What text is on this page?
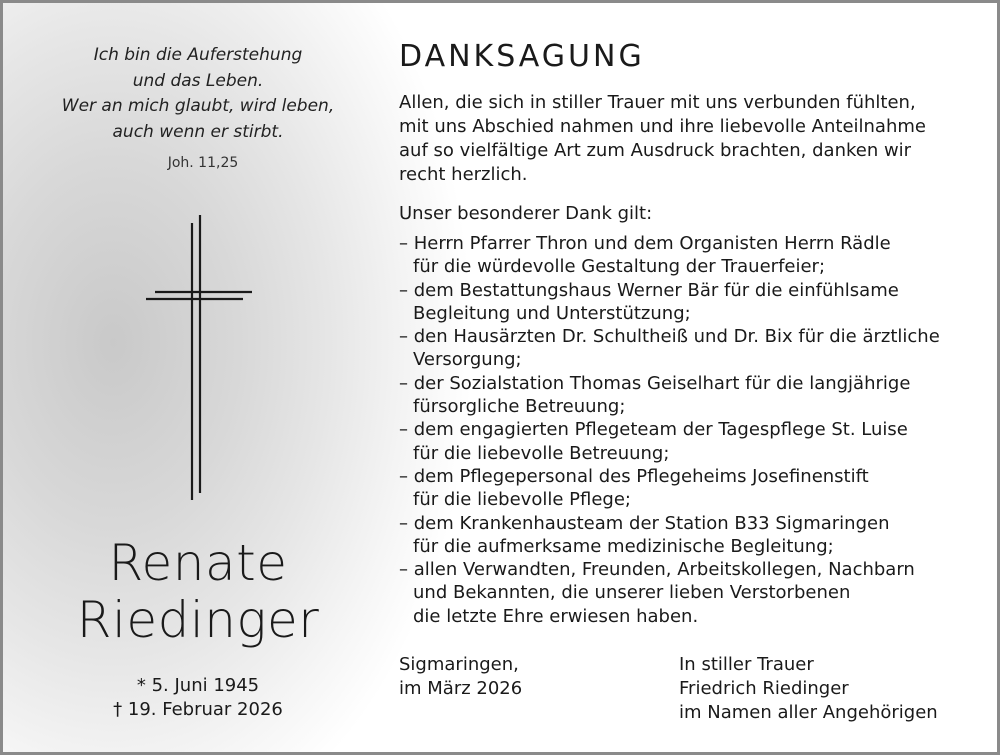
Ich bin die Auferstehung
und das Leben.
Wer an mich glaubt, wird leben,
auch wenn er stirbt.
Joh. 11,25
Renate
Riedinger
* 5. Juni 1945
† 19. Februar 2026
DANKSAGUNG
Allen, die sich in stiller Trauer mit uns verbunden fühlten,
mit uns Abschied nahmen und ihre liebevolle Anteilnahme
auf so vielfältige Art zum Ausdruck brachten, danken wir
recht herzlich.
Unser besonderer Dank gilt:
– Herrn Pfarrer Thron und dem Organisten Herrn Rädle
für die würdevolle Gestaltung der Trauerfeier;
– dem Bestattungshaus Werner Bär für die einfühlsame
Begleitung und Unterstützung;
– den Hausärzten Dr. Schultheiß und Dr. Bix für die ärztliche
Versorgung;
– der Sozialstation Thomas Geiselhart für die langjährige
fürsorgliche Betreuung;
– dem engagierten Pflegeteam der Tagespflege St. Luise
für die liebevolle Betreuung;
– dem Pflegepersonal des Pflegeheims Josefinenstift
für die liebevolle Pflege;
– dem Krankenhausteam der Station B33 Sigmaringen
für die aufmerksame medizinische Begleitung;
– allen Verwandten, Freunden, Arbeitskollegen, Nachbarn
und Bekannten, die unserer lieben Verstorbenen
die letzte Ehre erwiesen haben.
Sigmaringen,
im März 2026
In stiller Trauer
Friedrich Riedinger
im Namen aller Angehörigen
